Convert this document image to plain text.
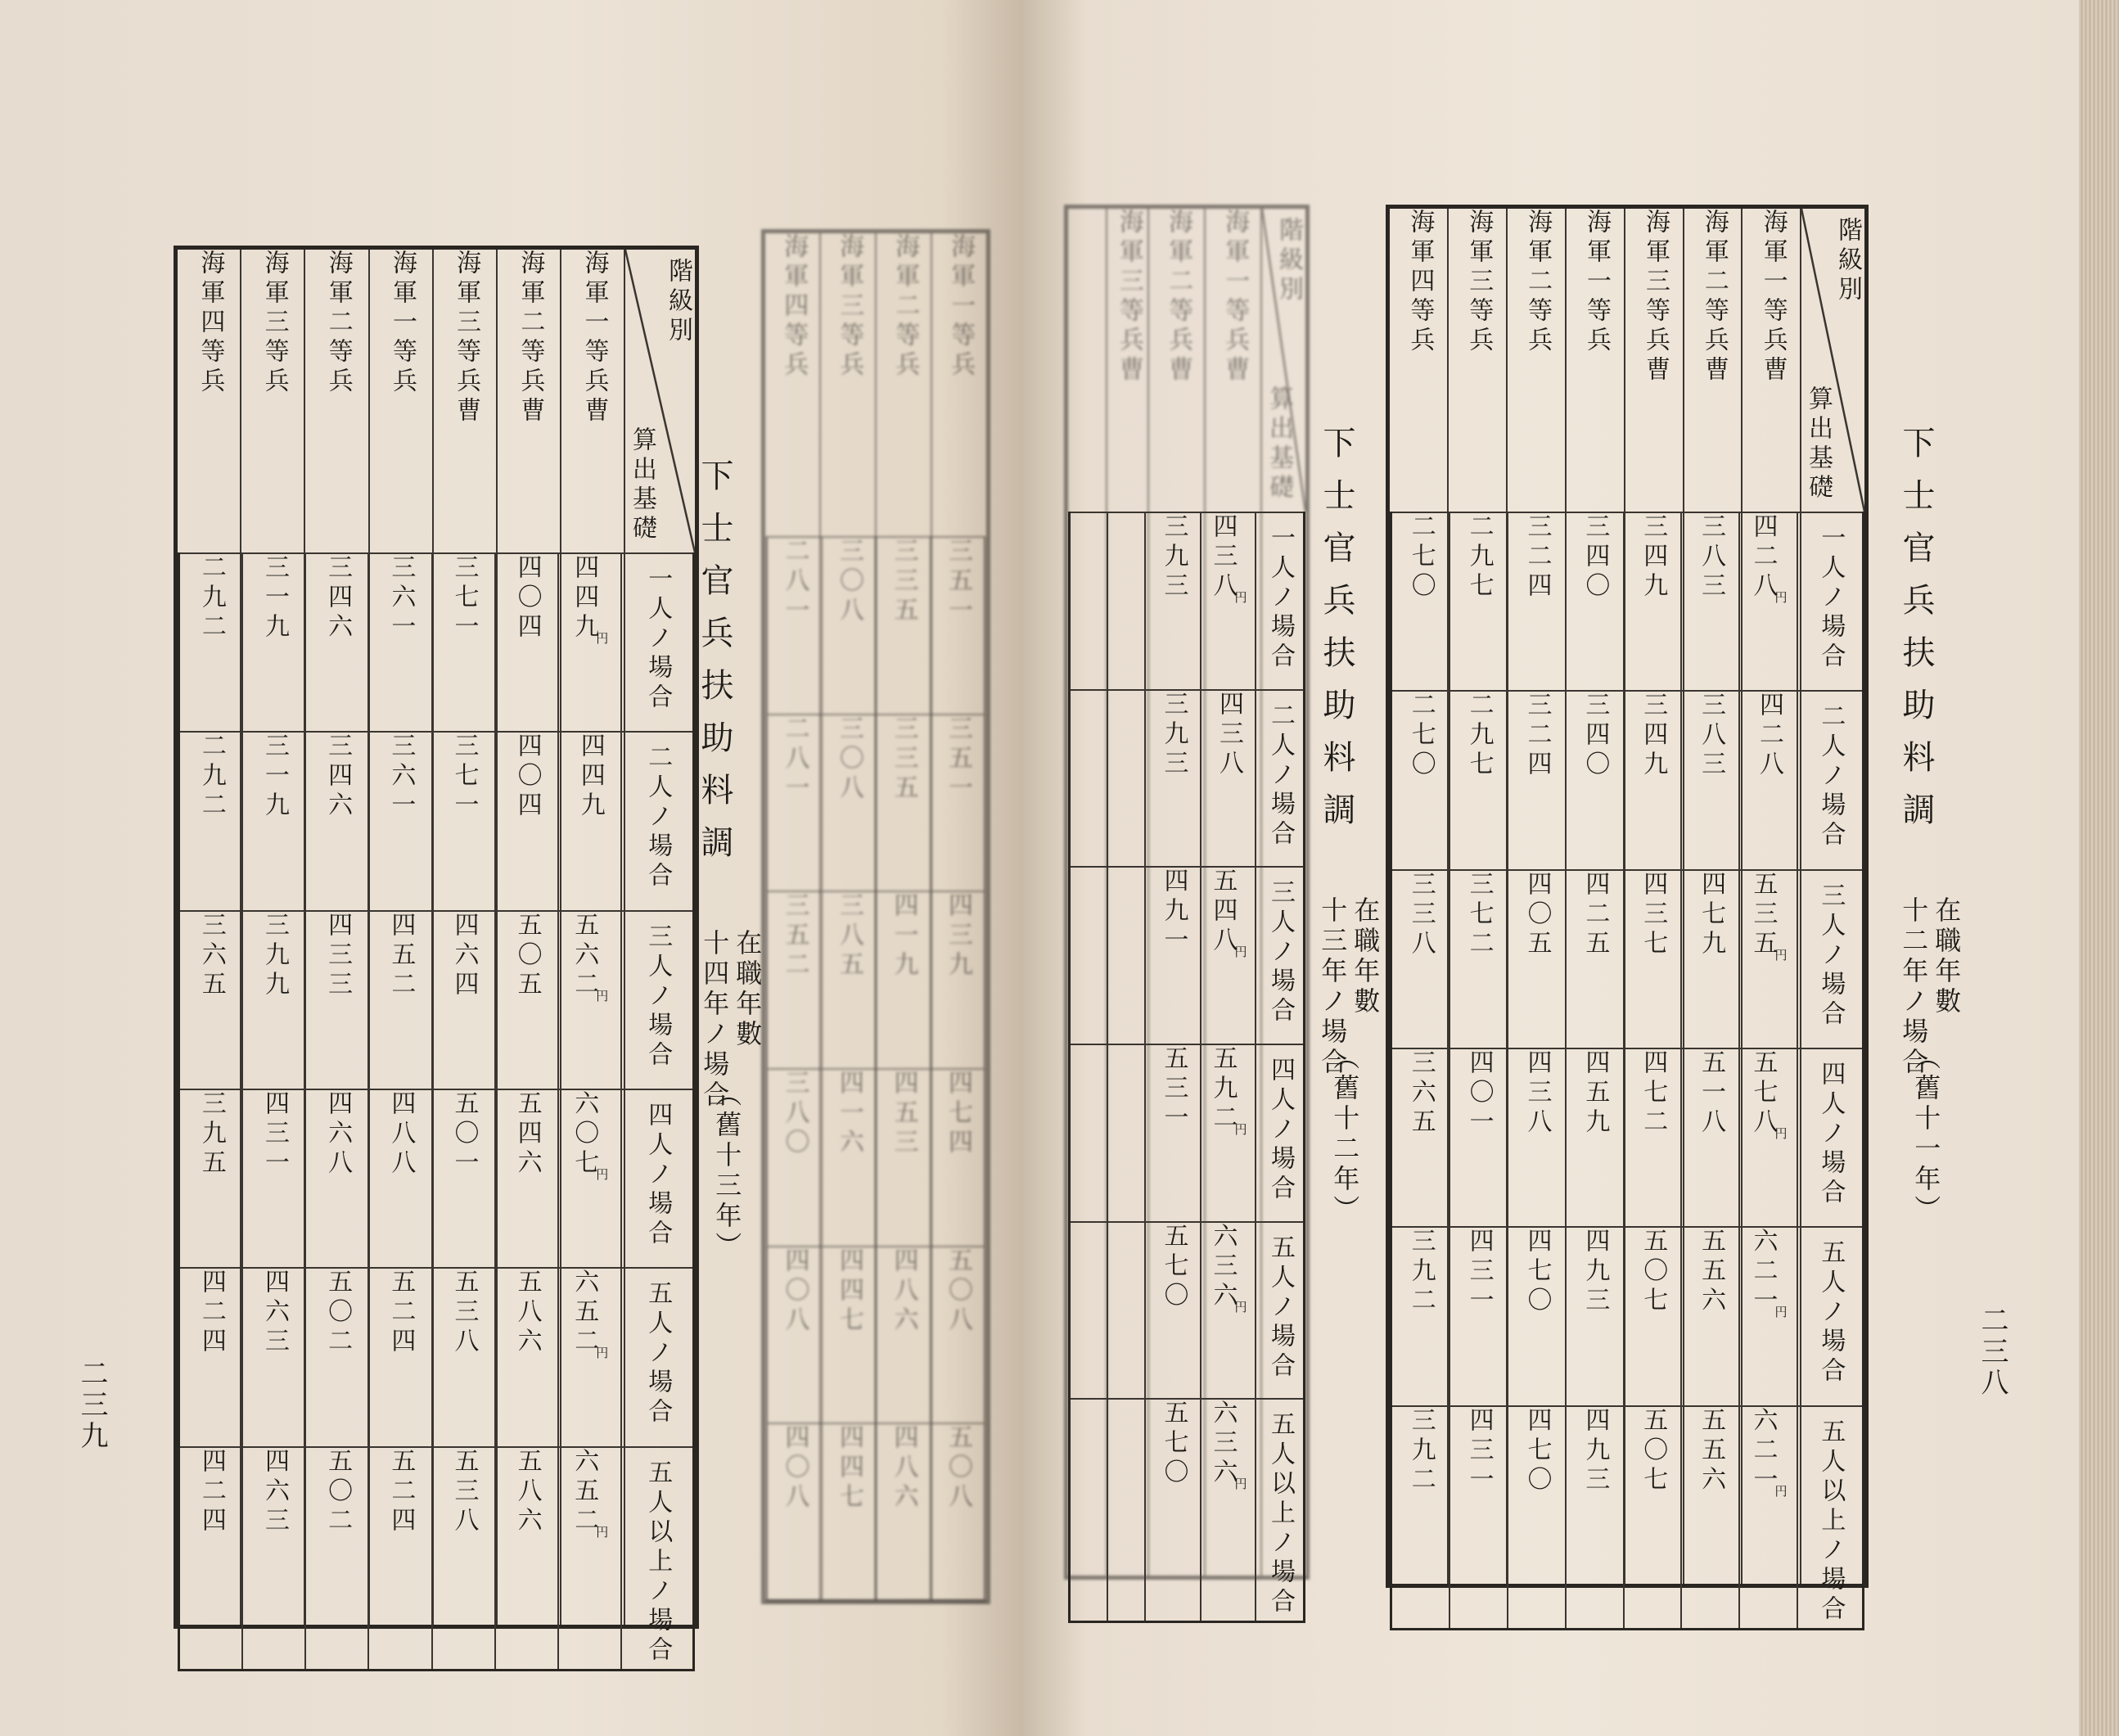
海軍四等兵	海軍三等兵	海軍二等兵	海軍一等兵	海軍三等兵曹	海軍二等兵曹	海軍一等兵曹	階級別
算出基礎
二九二	三一九	三四六	三六一	三七一	四〇四	四四九円	一人ノ場合
二九二	三一九	三四六	三六一	三七一	四〇四	四四九	二人ノ場合
三六五	三九九	四三三	四五二	四六四	五〇五	五六二円	三人ノ場合
三九五	四三一	四六八	四八八	五〇一	五四六	六〇七円	四人ノ場合
四二四	四六三	五〇二	五二四	五三八	五八六	六五二円	五人ノ場合
四二四	四六三	五〇二	五二四	五三八	五八六	六五二円	五人以上ノ場合
下士官兵扶助料調
在職年數
十四年ノ場合
（舊十三年）
海軍四等兵	海軍三等兵	海軍二等兵	海軍一等兵
二八一	三〇八	三三五	三五一
二八一	三〇八	三三五	三五一
三五二	三八五	四一九	四三九
三八〇	四一六	四五三	四七四
四〇八	四四七	四八六	五〇八
四〇八	四四七	四八六	五〇八
二三九
	海軍三等兵曹	海軍二等兵曹	海軍一等兵曹	階級別
算出基礎
		三九三	四三八円	一人ノ場合
		三九三	四三八	二人ノ場合
		四九一	五四八円	三人ノ場合
		五三一	五九二円	四人ノ場合
		五七〇	六三六円	五人ノ場合
		五七〇	六三六円	五人以上ノ場合
下士官兵扶助料調
在職年數
十三年ノ場合
（舊十二年）
海軍四等兵	海軍三等兵	海軍二等兵	海軍一等兵	海軍三等兵曹	海軍二等兵曹	海軍一等兵曹	階級別
算出基礎
二七〇	二九七	三二四	三四〇	三四九	三八三	四二八円	一人ノ場合
二七〇	二九七	三二四	三四〇	三四九	三八三	四二八	二人ノ場合
三三八	三七二	四〇五	四二五	四三七	四七九	五三五円	三人ノ場合
三六五	四〇一	四三八	四五九	四七二	五一八	五七八円	四人ノ場合
三九二	四三一	四七〇	四九三	五〇七	五五六	六二一円	五人ノ場合
三九二	四三一	四七〇	四九三	五〇七	五五六	六二一円	五人以上ノ場合
下士官兵扶助料調
在職年數
十二年ノ場合
（舊十一年）
二三八
